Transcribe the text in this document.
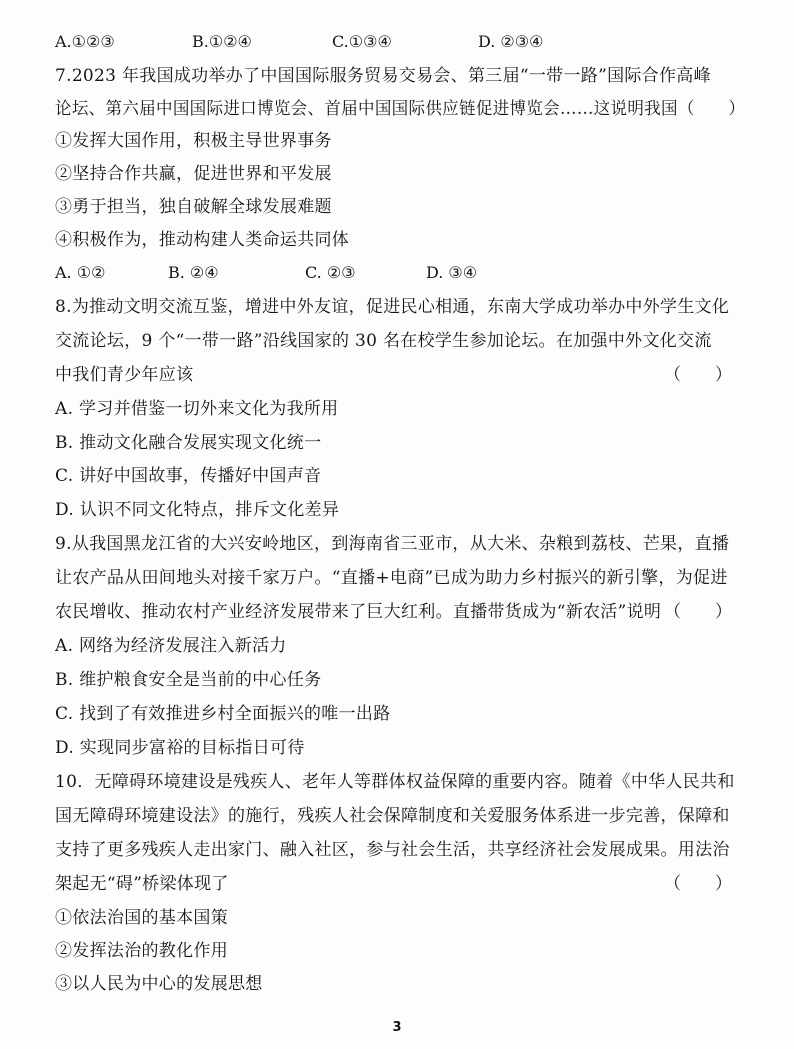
A.①②③	B.①②④	C.①③④	D. ②③④
7.2023 年我国成功举办了中国国际服务贸易交易会、第三届“一带一路”国际合作高峰
论坛、第六届中国国际进口博览会、首届中国国际供应链促进博览会……这说明我国（　　）
①发挥大国作用，积极主导世界事务
②坚持合作共赢，促进世界和平发展
③勇于担当，独自破解全球发展难题
④积极作为，推动构建人类命运共同体
A. ①②	B. ②④	C. ②③	D. ③④
8.为推动文明交流互鉴，增进中外友谊，促进民心相通，东南大学成功举办中外学生文化
交流论坛，9 个“一带一路”沿线国家的 30 名在校学生参加论坛。在加强中外文化交流
中我们青少年应该	（　　）
A. 学习并借鉴一切外来文化为我所用
B. 推动文化融合发展实现文化统一
C. 讲好中国故事，传播好中国声音
D. 认识不同文化特点，排斥文化差异
9.从我国黑龙江省的大兴安岭地区，到海南省三亚市，从大米、杂粮到荔枝、芒果，直播
让农产品从田间地头对接千家万户。“直播+电商”已成为助力乡村振兴的新引擎，为促进
农民增收、推动农村产业经济发展带来了巨大红利。直播带货成为“新农活”说明 （　　）
A. 网络为经济发展注入新活力
B. 维护粮食安全是当前的中心任务
C. 找到了有效推进乡村全面振兴的唯一出路
D. 实现同步富裕的目标指日可待
10．无障碍环境建设是残疾人、老年人等群体权益保障的重要内容。随着《中华人民共和
国无障碍环境建设法》的施行，残疾人社会保障制度和关爱服务体系进一步完善，保障和
支持了更多残疾人走出家门、融入社区，参与社会生活，共享经济社会发展成果。用法治
架起无“碍”桥梁体现了	（　　）
①依法治国的基本国策
②发挥法治的教化作用
③以人民为中心的发展思想
3
